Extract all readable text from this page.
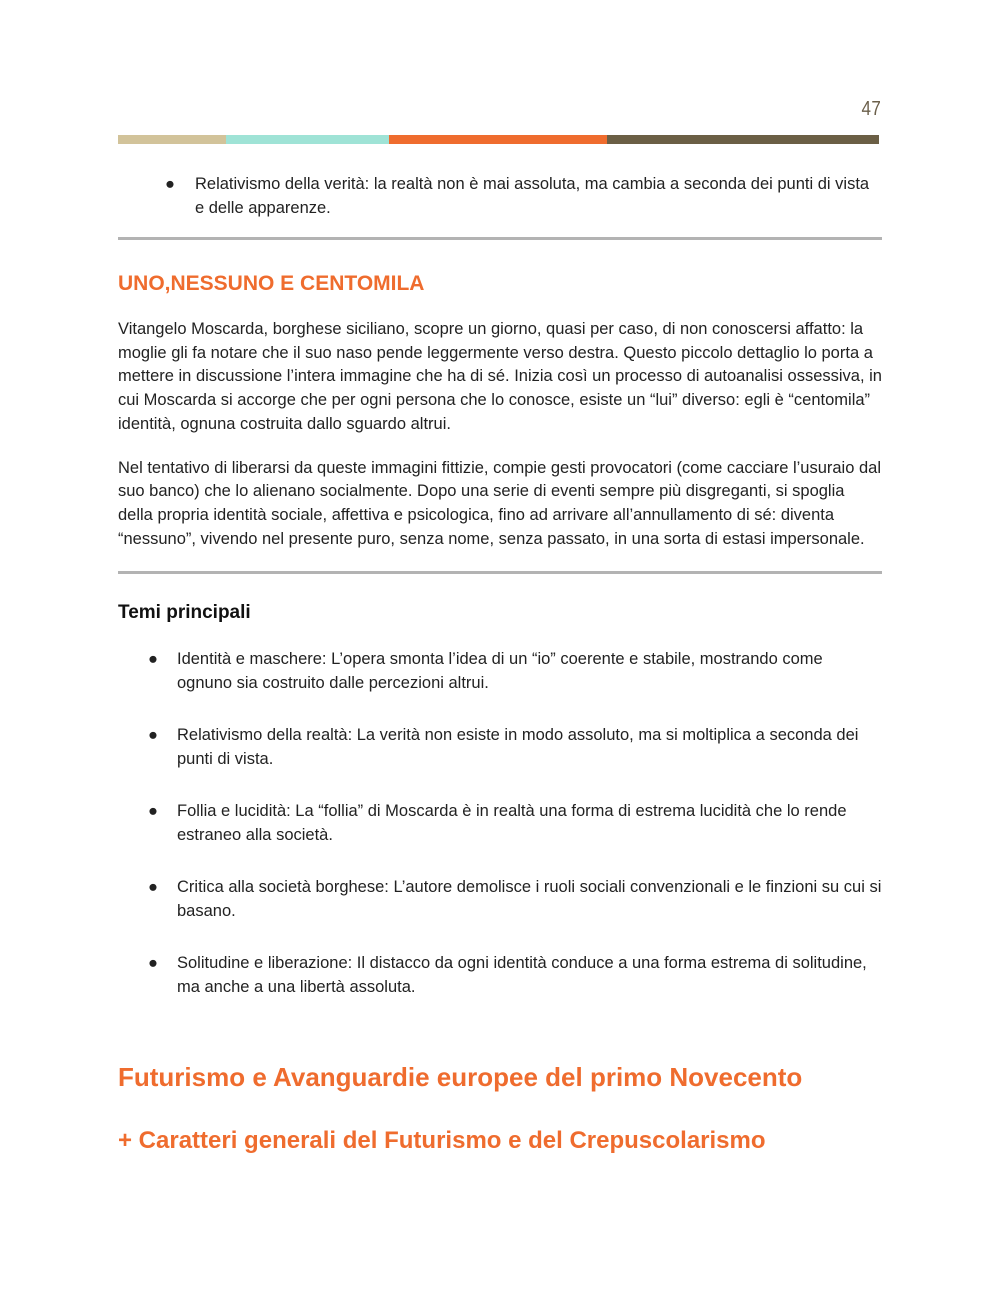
47

● Relativismo della verità: la realtà non è mai assoluta, ma cambia a seconda dei punti di vista e delle apparenze.

UNO,NESSUNO E CENTOMILA

Vitangelo Moscarda, borghese siciliano, scopre un giorno, quasi per caso, di non conoscersi affatto: la moglie gli fa notare che il suo naso pende leggermente verso destra. Questo piccolo dettaglio lo porta a mettere in discussione l’intera immagine che ha di sé. Inizia così un processo di autoanalisi ossessiva, in cui Moscarda si accorge che per ogni persona che lo conosce, esiste un “lui” diverso: egli è “centomila” identità, ognuna costruita dallo sguardo altrui.

Nel tentativo di liberarsi da queste immagini fittizie, compie gesti provocatori (come cacciare l’usuraio dal suo banco) che lo alienano socialmente. Dopo una serie di eventi sempre più disgreganti, si spoglia della propria identità sociale, affettiva e psicologica, fino ad arrivare all’annullamento di sé: diventa “nessuno”, vivendo nel presente puro, senza nome, senza passato, in una sorta di estasi impersonale.

Temi principali
● Identità e maschere: L’opera smonta l’idea di un “io” coerente e stabile, mostrando come ognuno sia costruito dalle percezioni altrui.
● Relativismo della realtà: La verità non esiste in modo assoluto, ma si moltiplica a seconda dei punti di vista.
● Follia e lucidità: La “follia” di Moscarda è in realtà una forma di estrema lucidità che lo rende estraneo alla società.
● Critica alla società borghese: L’autore demolisce i ruoli sociali convenzionali e le finzioni su cui si basano.
● Solitudine e liberazione: Il distacco da ogni identità conduce a una forma estrema di solitudine, ma anche a una libertà assoluta.
Futurismo e Avanguardie europee del primo Novecento
+ Caratteri generali del Futurismo e del Crepuscolarismo
